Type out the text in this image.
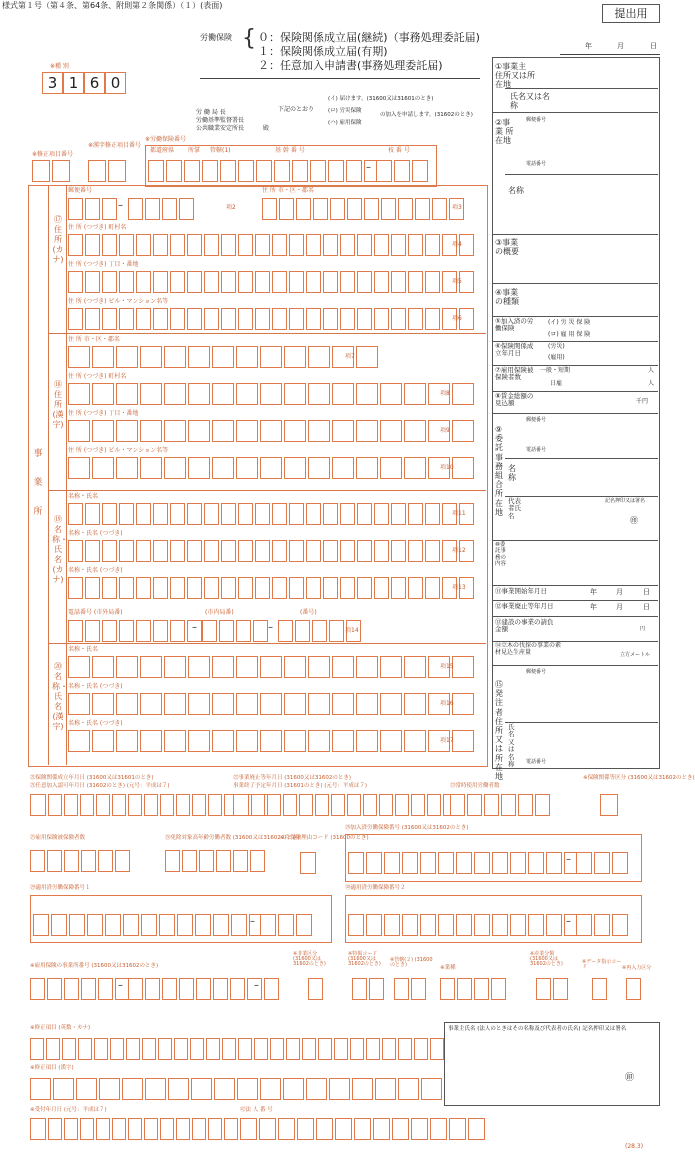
様式第１号（第４条、第64条、附則第２条関係）（１）(表面)
提出用
労働保険 { ０：保険関係成立届(継続)（事務処理委託届)
１：保険関係成立届(有期)
２：任意加入申請書(事務処理委託届)
年	月	日
※種 別
3 1 6 0
労 働 局 長
労働基準監督署長
公共職業安定所長	殿
下記のとおり
(イ) 届けます。(31600又は31601のとき)
(ロ) 労災保険
(ハ) 雇用保険
の加入を申請します。(31602のとき)
※労働保険番号
※修正項目番号
※漢字修正項目番号
都道府県 所掌 管轄(1)	基 幹 番 号	枝 番 号
–
事 業 所
⑰住所(カナ)
⑱住所(漢字)
⑲名称・氏名(カナ)
⑳名称・氏名(漢字)
郵便番号
–
住 所 市・区・郡名
住 所 (つづき) 町村名
住 所 (つづき) 丁目・番地
住 所 (つづき) ビル・マンション名等
住 所 市・区・郡名
住 所 (つづき) 町村名
住 所 (つづき) 丁目・番地
住 所 (つづき) ビル・マンション名等
名称・氏名
名称・氏名 (つづき)
名称・氏名 (つづき)
電話番号 (市外局番)	(市内局番)	(番号)
–	–
名称・氏名
名称・氏名 (つづき)
名称・氏名 (つづき)
項2	項3
項4
項5
項6
項7
項8
項9
項10
項11
項12
項13
項14
項15
項16
項17
①事業主 住所又は所在地
氏名又は名称
②事業 所在地
郵便番号
電話番号
名称
③事業の概要
④事業の種類
⑤加入済の労働保険
(イ) 労 災 保 険
(ロ) 雇 用 保 険
⑥保険関係成立年月日
(労災)
(雇用)
⑦雇用保険被保険者数
一般・短期	人
日雇	人
⑧賃金総額の見込額	千円
⑨委託事務組合 所在地
郵便番号
電話番号
名称
代表者氏名
記名押印又は署名
㊞
⑩委託事務の内容
⑪事業開始年月日	年	月	日
⑫事業廃止等年月日	年	月	日
⑬建設の事業の請負金額	円
⑭立木の伐採の事業の素材見込生産量	立方メートル
⑮発注者 住所又は所在地
郵便番号
氏名又は名称	電話番号
㉑保険関係成立年月日 (31600又は31601のとき)
㉑任意加入認可年月日 (31602のとき) (元号：平成は７)
㉒事業廃止等年月日 (31600又は31602のとき)
事業終了予定年月日 (31601のとき) (元号：平成は７)	㉓常時使用労働者数
※保険関係等区分 (31600又は31602のとき)
㉕雇用保険被保険者数	㉖免除対象高年齢労働者数 (31600又は31602のとき)
※片保険理由コード (31600のとき)
㉘加入済労働保険番号 (31600又は31602のとき)
–
㉙適用済労働保険番号１
–
㉚適用済労働保険番号２
–
※雇用保険の事業所番号 (31600又は31602のとき)
–	–
※非業区分 (31600又は31602のとき)
※特掲コード (31600又は31602のとき)
※管轄(２) (31600のとき)	※業種
※産業分類 (31600又は31602のとき)	※データ指示コード	※再入力区分
※修正項目 (英数・カナ)
※修正項目 (漢字)
※受付年月日 (元号：平成は７)	㊷法 人 番 号
事業主氏名 (法人のときはその名称及び代表者の氏名) 記名押印又は署名
㊞
(28.3)
